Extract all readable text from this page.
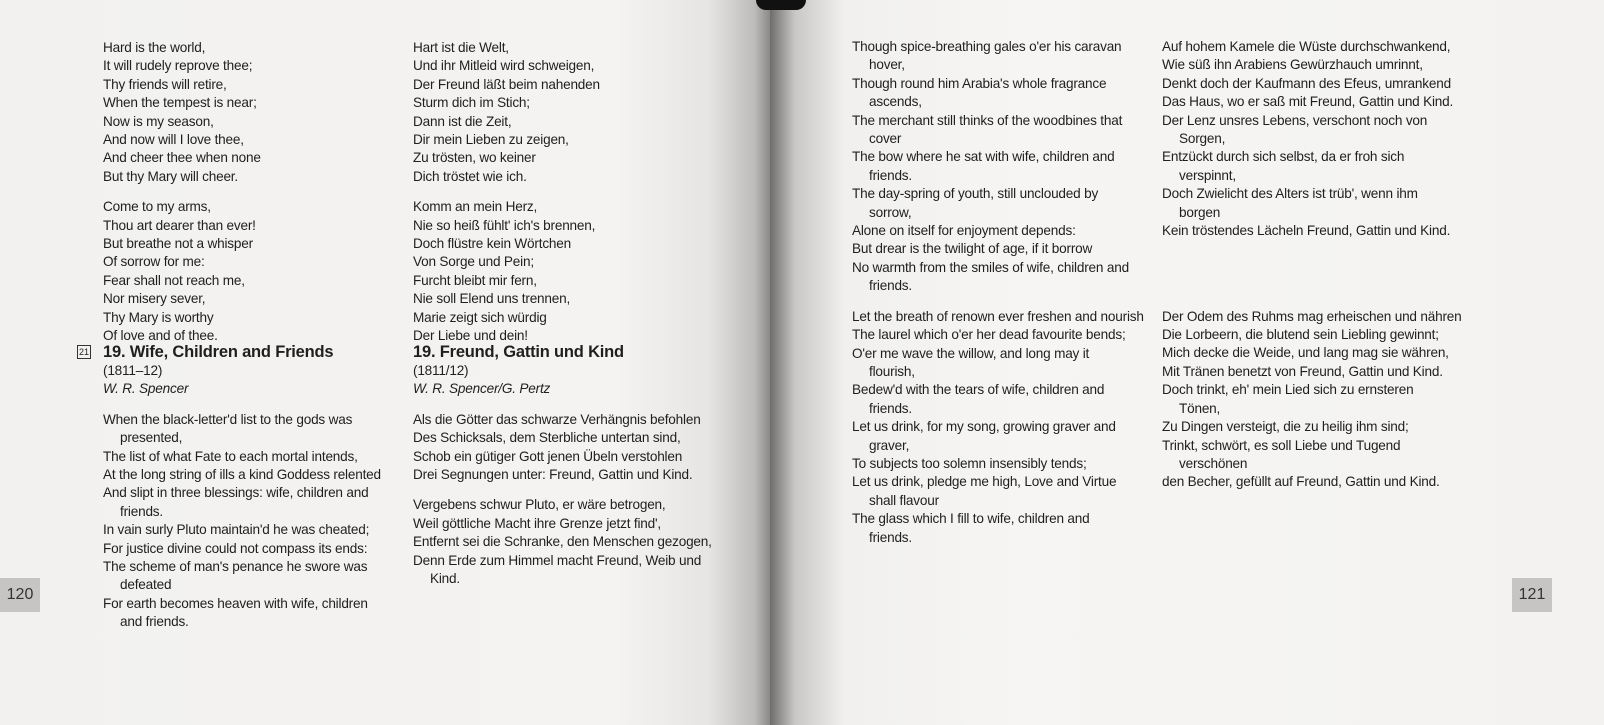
Hard is the world,
It will rudely reprove thee;
Thy friends will retire,
When the tempest is near;
Now is my season,
And now will I love thee,
And cheer thee when none
But thy Mary will cheer.
Come to my arms,
Thou art dearer than ever!
But breathe not a whisper
Of sorrow for me:
Fear shall not reach me,
Nor misery sever,
Thy Mary is worthy
Of love and of thee.
Hart ist die Welt,
Und ihr Mitleid wird schweigen,
Der Freund läßt beim nahenden
Sturm dich im Stich;
Dann ist die Zeit,
Dir mein Lieben zu zeigen,
Zu trösten, wo keiner
Dich tröstet wie ich.
Komm an mein Herz,
Nie so heiß fühlt' ich's brennen,
Doch flüstre kein Wörtchen
Von Sorge und Pein;
Furcht bleibt mir fern,
Nie soll Elend uns trennen,
Marie zeigt sich würdig
Der Liebe und dein!
21 19. Wife, Children and Friends
(1811–12)
W. R. Spencer
When the black-letter'd list to the gods was
presented,
The list of what Fate to each mortal intends,
At the long string of ills a kind Goddess relented
And slipt in three blessings: wife, children and
friends.
In vain surly Pluto maintain'd he was cheated;
For justice divine could not compass its ends:
The scheme of man's penance he swore was
defeated
For earth becomes heaven with wife, children
and friends.
19. Freund, Gattin und Kind
(1811/12)
W. R. Spencer/G. Pertz
Als die Götter das schwarze Verhängnis befohlen
Des Schicksals, dem Sterbliche untertan sind,
Schob ein gütiger Gott jenen Übeln verstohlen
Drei Segnungen unter: Freund, Gattin und Kind.
Vergebens schwur Pluto, er wäre betrogen,
Weil göttliche Macht ihre Grenze jetzt find',
Entfernt sei die Schranke, den Menschen gezogen,
Denn Erde zum Himmel macht Freund, Weib und
Kind.
120
Though spice-breathing gales o'er his caravan
hover,
Though round him Arabia's whole fragrance
ascends,
The merchant still thinks of the woodbines that
cover
The bow where he sat with wife, children and
friends.
The day-spring of youth, still unclouded by
sorrow,
Alone on itself for enjoyment depends:
But drear is the twilight of age, if it borrow
No warmth from the smiles of wife, children and
friends.
Let the breath of renown ever freshen and nourish
The laurel which o'er her dead favourite bends;
O'er me wave the willow, and long may it
flourish,
Bedew'd with the tears of wife, children and
friends.
Let us drink, for my song, growing graver and
graver,
To subjects too solemn insensibly tends;
Let us drink, pledge me high, Love and Virtue
shall flavour
The glass which I fill to wife, children and
friends.
Auf hohem Kamele die Wüste durchschwankend,
Wie süß ihn Arabiens Gewürzhauch umrinnt,
Denkt doch der Kaufmann des Efeus, umrankend
Das Haus, wo er saß mit Freund, Gattin und Kind.
Der Lenz unsres Lebens, verschont noch von
Sorgen,
Entzückt durch sich selbst, da er froh sich
verspinnt,
Doch Zwielicht des Alters ist trüb', wenn ihm
borgen
Kein tröstendes Lächeln Freund, Gattin und Kind.
Der Odem des Ruhms mag erheischen und nähren
Die Lorbeern, die blutend sein Liebling gewinnt;
Mich decke die Weide, und lang mag sie währen,
Mit Tränen benetzt von Freund, Gattin und Kind.
Doch trinkt, eh' mein Lied sich zu ernsteren
Tönen,
Zu Dingen versteigt, die zu heilig ihm sind;
Trinkt, schwört, es soll Liebe und Tugend
verschönen
den Becher, gefüllt auf Freund, Gattin und Kind.
121
